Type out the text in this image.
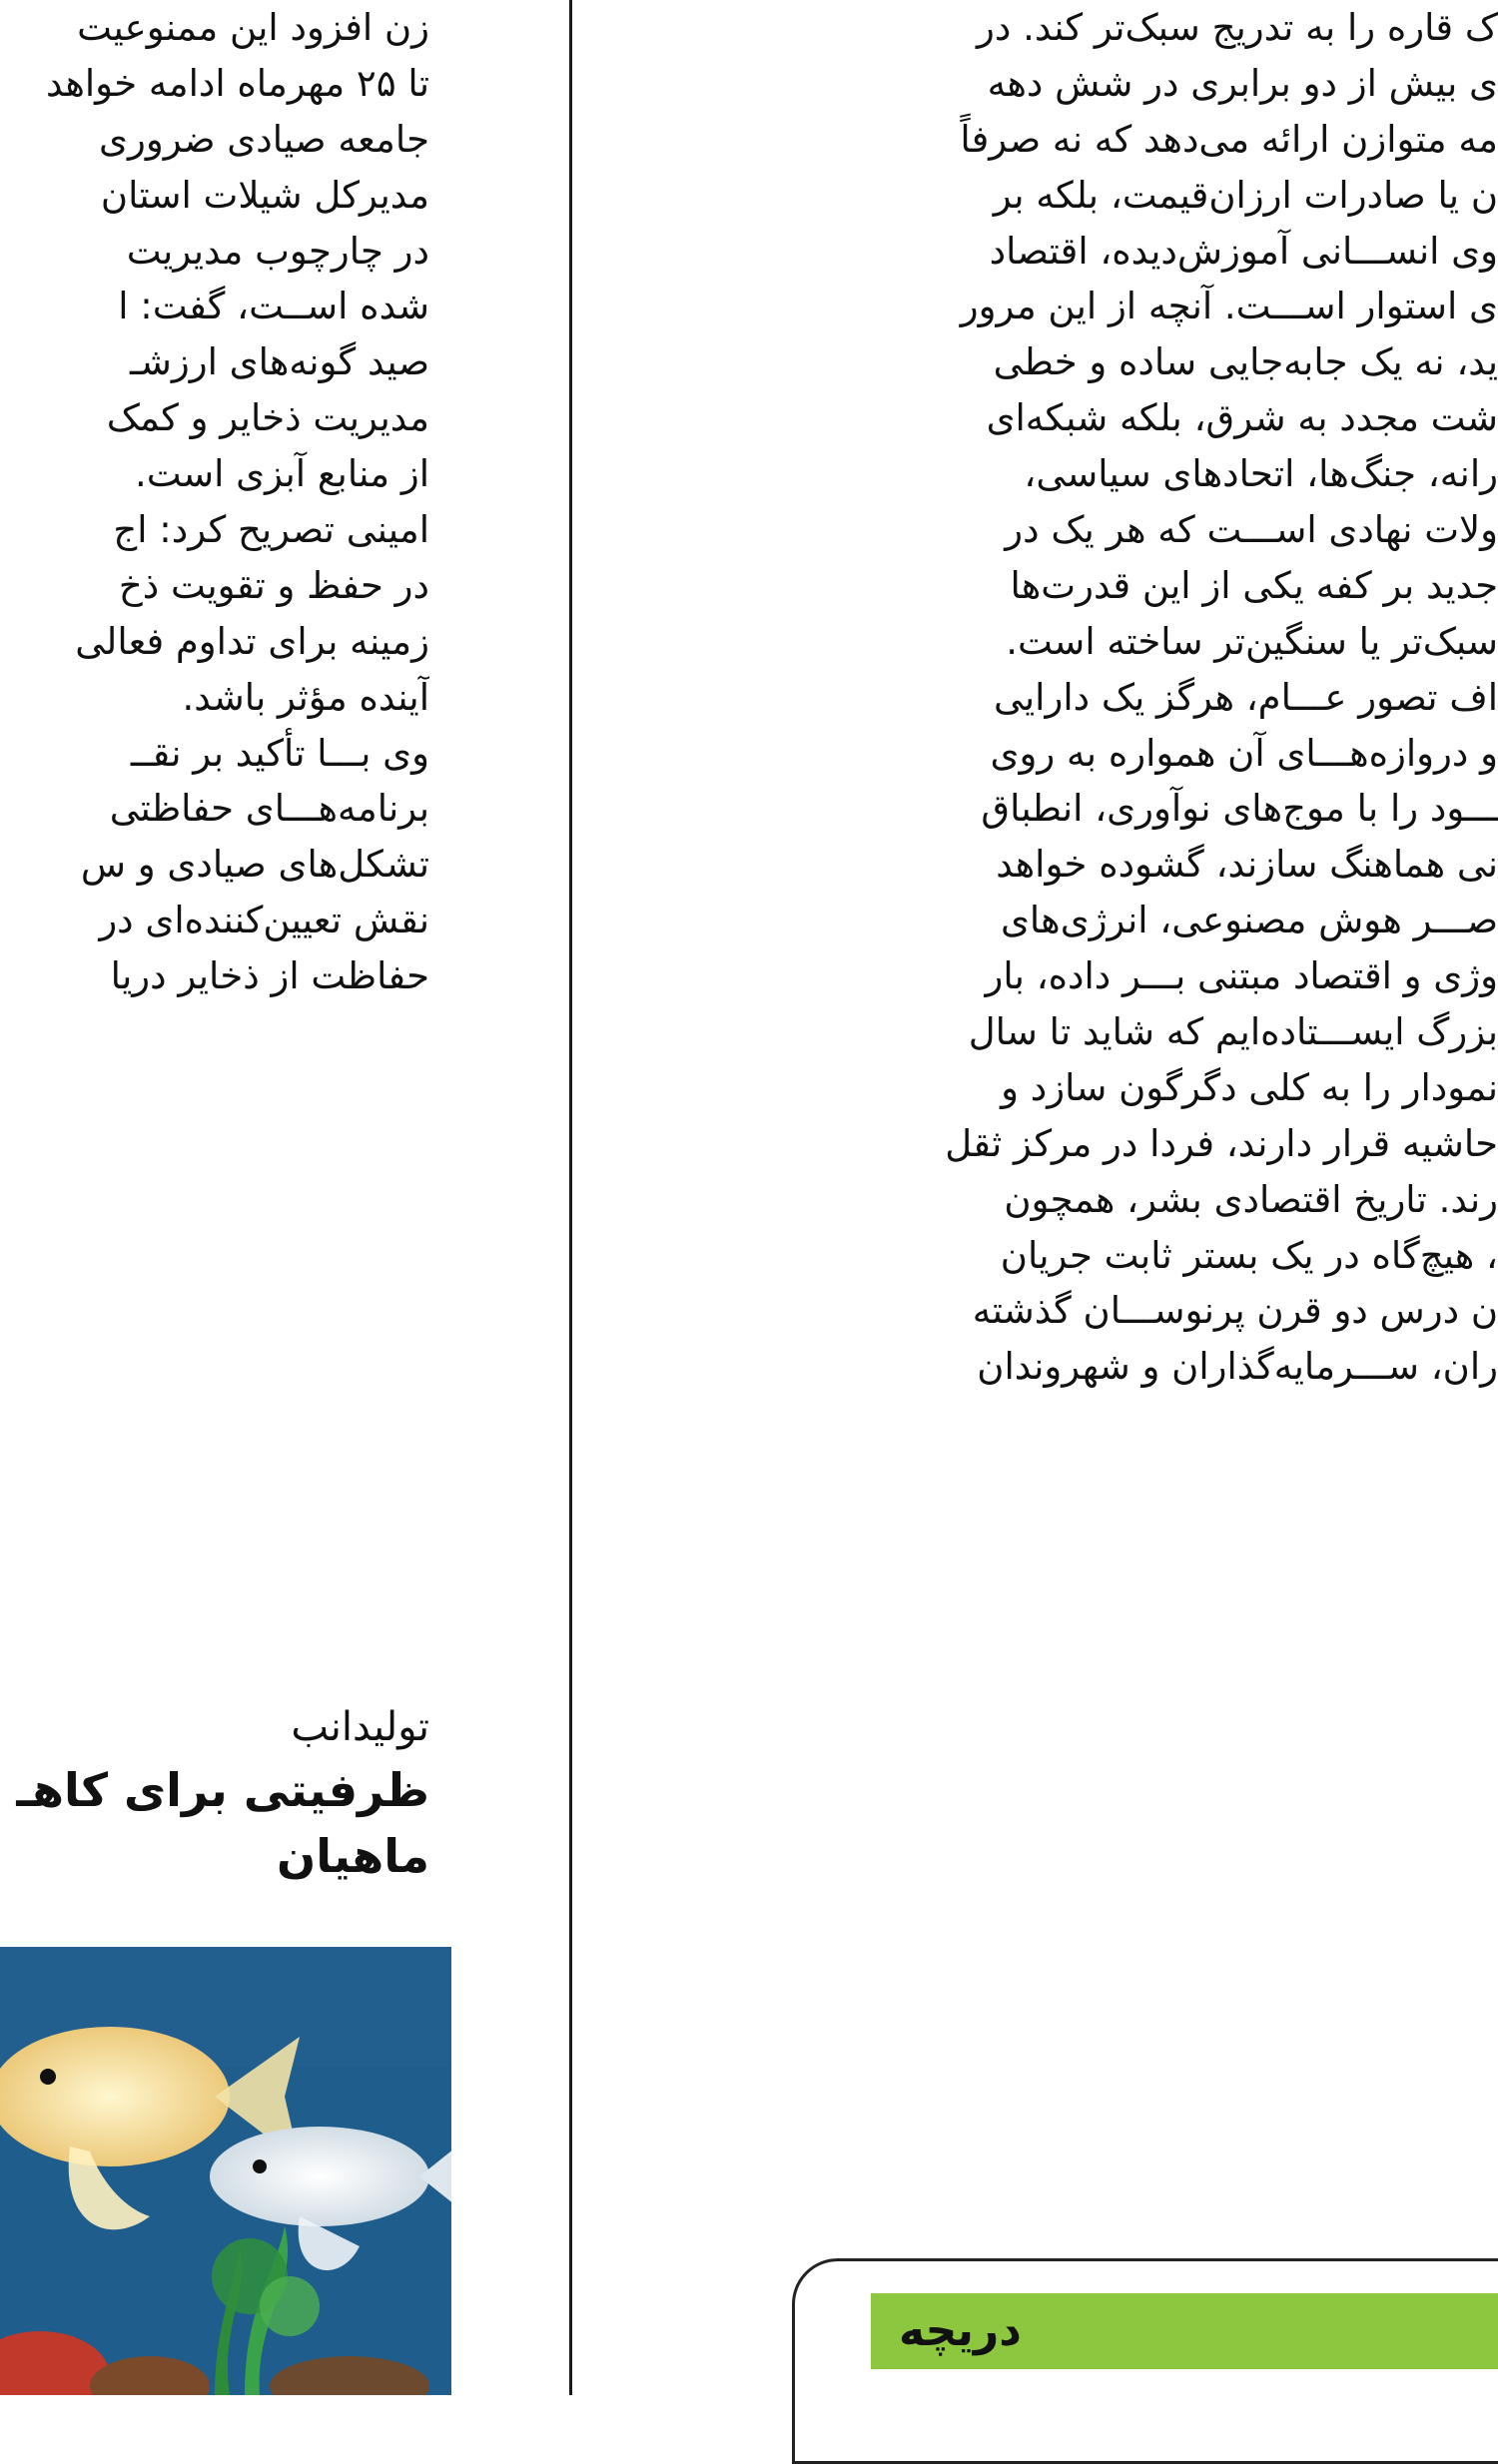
زن افزود این ممنوعیت
تا ۲۵ مهرماه ادامه خواهد
جامعه صیادی ضروری
مدیرکل شیلات استان
در چارچوب مدیریت
شده اســت، گفت: ا
صید گونه‌های ارزشـ
مدیریت ذخایر و کمک
از منابع آبزی است.
امینی تصریح کرد: اج
در حفظ و تقویت ذخ
زمینه برای تداوم فعالی
آینده مؤثر باشد.
وی بـــا تأکید بر نقــ
برنامه‌هـــای حفاظتی
تشکل‌های صیادی و س
نقش تعیین‌کننده‌ای در
حفاظت از ذخایر دریا
تولیدانب
ظرفیتی برای کاهـ
ماهیان
ک قاره را به تدریج سبک‌تر کند. در
ی بیش از دو برابری در شش دهه
مه متوازن ارائه می‌دهد که نه صرفاً
ن یا صادرات ارزان‌قیمت، بلکه بر
وی انســـانی آموزش‌دیده، اقتصاد
ی استوار اســـت. آنچه از این مرور
ید، نه یک جابه‌جایی ساده و خطی
شت مجدد به شرق، بلکه شبکه‌ای
رانه، جنگ‌ها، اتحادهای سیاسی،
ولات نهادی اســـت که هر یک در
جدید بر کفه یکی از این قدرت‌ها
سبک‌تر یا سنگین‌تر ساخته است.
اف تصور عـــام، هرگز یک دارایی
و دروازه‌هـــای آن همواره به روی
ـــود را با موج‌های نوآوری، انطباق
نی هماهنگ سازند، گشوده خواهد
صـــر هوش مصنوعی، انرژی‌های
وژی و اقتصاد مبتنی بـــر داده، بار
بزرگ ایســـتاده‌ایم که شاید تا سال
نمودار را به کلی دگرگون سازد و
حاشیه قرار دارند، فردا در مرکز ثقل
رند. تاریخ اقتصادی بشر، همچون
، هیچ‌گاه در یک بستر ثابت جریان
ن درس دو قرن پرنوســـان گذشته
ران، ســـرمایه‌گذاران و شهروندان
دریچه
